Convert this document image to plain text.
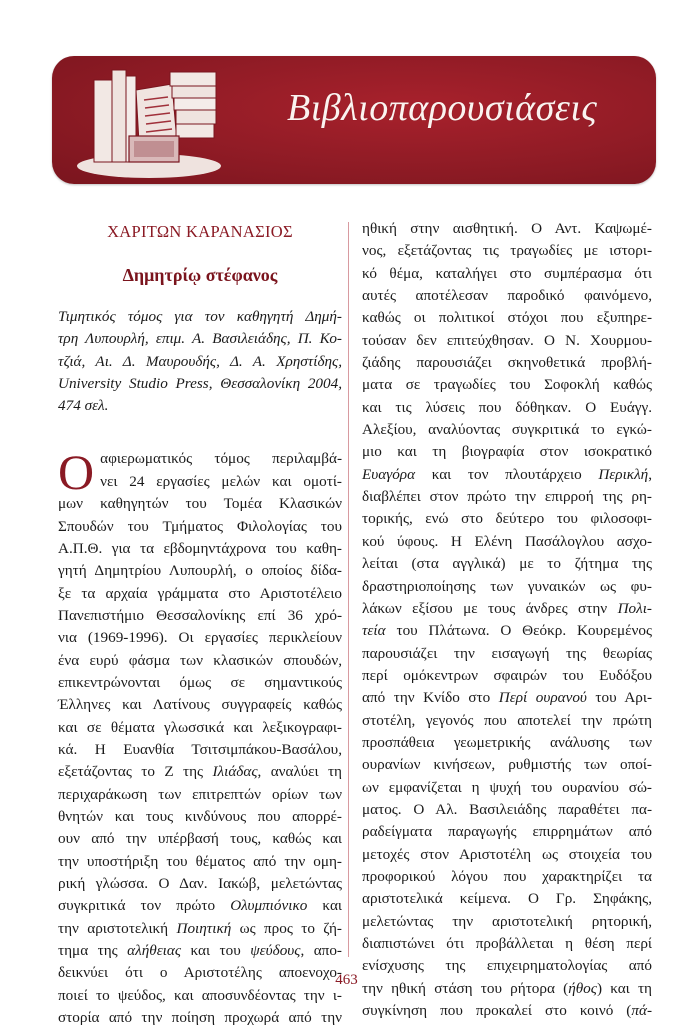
Βιβλιοπαρουσιάσεις
ΧΑΡΙΤΩΝ ΚΑΡΑΝΑΣΙΟΣ
Δημητρίῳ στέφανος
Τιμητικός τόμος για τον καθηγητή Δημή-
τρη Λυπουρλή, επιμ. Α. Βασιλειάδης, Π. Κο-
τζιά, Αι. Δ. Μαυρουδής, Δ. Α. Χρηστίδης,
University Studio Press, Θεσσαλονίκη 2004,
474 σελ.
Ο αφιερωματικός τόμος περιλαμβά-
νει 24 εργασίες μελών και ομοτί-
μων καθηγητών του Τομέα Κλασικών
Σπουδών του Τμήματος Φιλολογίας του
Α.Π.Θ. για τα εβδομηντάχρονα του καθη-
γητή Δημητρίου Λυπουρλή, ο οποίος δίδα-
ξε τα αρχαία γράμματα στο Αριστοτέλειο
Πανεπιστήμιο Θεσσαλονίκης επί 36 χρό-
νια (1969-1996). Οι εργασίες περικλείουν
ένα ευρύ φάσμα των κλασικών σπουδών,
επικεντρώνονται όμως σε σημαντικούς
Έλληνες και Λατίνους συγγραφείς καθώς
και σε θέματα γλωσσικά και λεξικογραφι-
κά. Η Ευανθία Τσιτσιμπάκου-Βασάλου,
εξετάζοντας το Ζ της Ιλιάδας, αναλύει τη
περιχαράκωση των επιτρεπτών ορίων των
θνητών και τους κινδύνους που απορρέ-
ουν από την υπέρβασή τους, καθώς και
την υποστήριξη του θέματος από την ομη-
ρική γλώσσα. Ο Δαν. Ιακώβ, μελετώντας
συγκριτικά τον πρώτο Ολυμπιόνικο και
την αριστοτελική Ποιητική ως προς το ζή-
τημα της αλήθειας και του ψεύδους, απο-
δεικνύει ότι ο Αριστοτέλης αποενοχο-
ποιεί το ψεύδος, και αποσυνδέοντας την ι-
στορία από την ποίηση προχωρά από την
ηθική στην αισθητική. Ο Αντ. Καψωμέ-
νος, εξετάζοντας τις τραγωδίες με ιστορι-
κό θέμα, καταλήγει στο συμπέρασμα ότι
αυτές αποτέλεσαν παροδικό φαινόμενο,
καθώς οι πολιτικοί στόχοι που εξυπηρε-
τούσαν δεν επιτεύχθησαν. Ο Ν. Χουρμου-
ζιάδης παρουσιάζει σκηνοθετικά προβλή-
ματα σε τραγωδίες του Σοφοκλή καθώς
και τις λύσεις που δόθηκαν. Ο Ευάγγ.
Αλεξίου, αναλύοντας συγκριτικά το εγκώ-
μιο και τη βιογραφία στον ισοκρατικό
Ευαγόρα και τον πλουτάρχειο Περικλή,
διαβλέπει στον πρώτο την επιρροή της ρη-
τορικής, ενώ στο δεύτερο του φιλοσοφι-
κού ύφους. Η Ελένη Πασάλογλου ασχο-
λείται (στα αγγλικά) με το ζήτημα της
δραστηριοποίησης των γυναικών ως φυ-
λάκων εξίσου με τους άνδρες στην Πολι-
τεία του Πλάτωνα. Ο Θεόκρ. Κουρεμένος
παρουσιάζει την εισαγωγή της θεωρίας
περί ομόκεντρων σφαιρών του Ευδόξου
από την Κνίδο στο Περί ουρανού του Αρι-
στοτέλη, γεγονός που αποτελεί την πρώτη
προσπάθεια γεωμετρικής ανάλυσης των
ουρανίων κινήσεων, ρυθμιστής των οποί-
ων εμφανίζεται η ψυχή του ουρανίου σώ-
ματος. Ο Αλ. Βασιλειάδης παραθέτει πα-
ραδείγματα παραγωγής επιρρημάτων από
μετοχές στον Αριστοτέλη ως στοιχεία του
προφορικού λόγου που χαρακτηρίζει τα
αριστοτελικά κείμενα. Ο Γρ. Σηφάκης,
μελετώντας την αριστοτελική ρητορική,
διαπιστώνει ότι προβάλλεται η θέση περί
ενίσχυσης της επιχειρηματολογίας από
την ηθική στάση του ρήτορα (ήθος) και τη
συγκίνηση που προκαλεί στο κοινό (πά-
463
